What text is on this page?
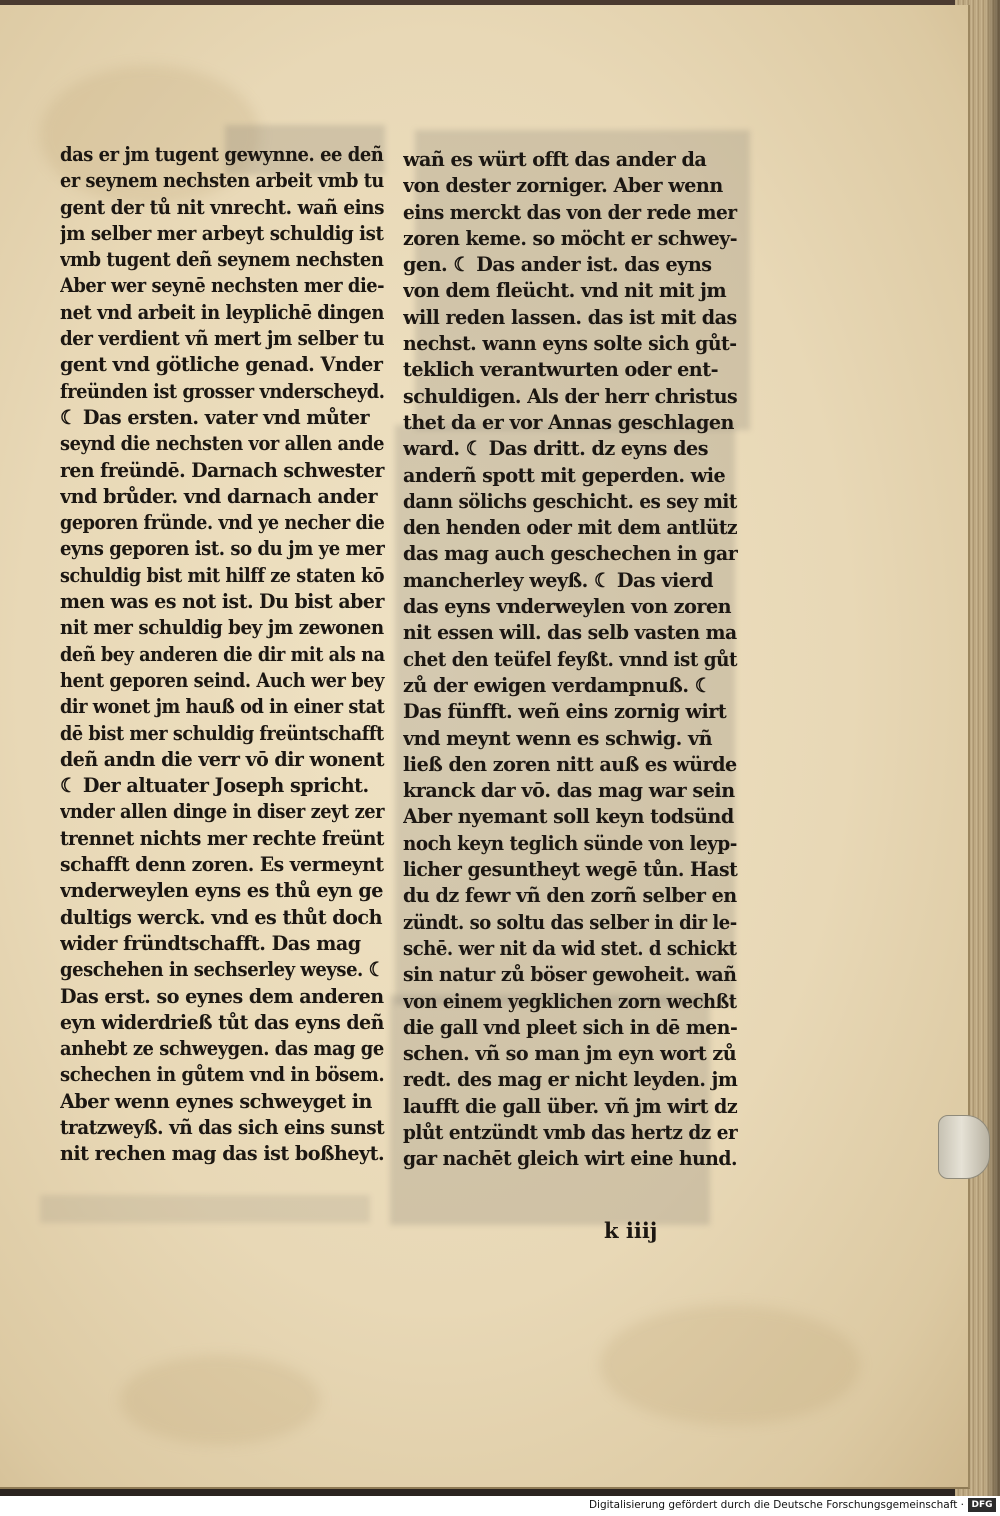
das er jm tugent gewynne. ee deñ
er seynem nechsten arbeit vmb tu
gent der tů nit vnrecht. wañ eins
jm selber mer arbeyt schuldig ist
vmb tugent deñ seynem nechsten
Aber wer seynē nechsten mer die-
net vnd arbeit in leyplichē dingen
der verdient vñ mert jm selber tu
gent vnd götliche genad. Vnder
freünden ist grosser vnderscheyd.
☾ Das ersten. vater vnd můter
seynd die nechsten vor allen ande
ren freündē. Darnach schwester
vnd brůder. vnd darnach ander
geporen fründe. vnd ye necher die
eyns geporen ist. so du jm ye mer
schuldig bist mit hilff ze staten kō
men was es not ist. Du bist aber
nit mer schuldig bey jm zewonen
deñ bey anderen die dir mit als na
hent geporen seind. Auch wer bey
dir wonet jm hauß od in einer stat
dē bist mer schuldig freüntschafft
deñ andn die verr vō dir wonent
☾ Der altuater Joseph spricht.
vnder allen dinge in diser zeyt zer
trennet nichts mer rechte freünt
schafft denn zoren. Es vermeynt
vnderweylen eyns es thů eyn ge
dultigs werck. vnd es thůt doch
wider fründtschafft. Das mag
geschehen in sechserley weyse. ☾
Das erst. so eynes dem anderen
eyn widerdrieß tůt das eyns deñ
anhebt ze schweygen. das mag ge
schechen in gůtem vnd in bösem.
Aber wenn eynes schweyget in
tratzweyß. vñ das sich eins sunst
nit rechen mag das ist boßheyt.
wañ es würt offt das ander da
von dester zorniger. Aber wenn
eins merckt das von der rede mer
zoren keme. so möcht er schwey-
gen. ☾ Das ander ist. das eyns
von dem fleücht. vnd nit mit jm
will reden lassen. das ist mit das
nechst. wann eyns solte sich gůt-
teklich verantwurten oder ent-
schuldigen. Als der herr christus
thet da er vor Annas geschlagen
ward. ☾ Das dritt. dz eyns des
anderñ spott mit geperden. wie
dann sölichs geschicht. es sey mit
den henden oder mit dem antlütz
das mag auch geschechen in gar
mancherley weyß. ☾ Das vierd
das eyns vnderweylen von zoren
nit essen will. das selb vasten ma
chet den teüfel feyßt. vnnd ist gůt
zů der ewigen verdampnuß. ☾
Das fünfft. weñ eins zornig wirt
vnd meynt wenn es schwig. vñ
ließ den zoren nitt auß es würde
kranck dar vō. das mag war sein
Aber nyemant soll keyn todsünd
noch keyn teglich sünde von leyp-
licher gesuntheyt wegē tůn. Hast
du dz fewr vñ den zorñ selber en
zündt. so soltu das selber in dir le-
schē. wer nit da wid stet. d schickt
sin natur zů böser gewoheit. wañ
von einem yegklichen zorn wechßt
die gall vnd pleet sich in dē men-
schen. vñ so man jm eyn wort zů
redt. des mag er nicht leyden. jm
laufft die gall über. vñ jm wirt dz
plůt entzündt vmb das hertz dz er
gar nachēt gleich wirt eine hund.
k iiij
Digitalisierung gefördert durch die Deutsche Forschungsgemeinschaft · DFG
